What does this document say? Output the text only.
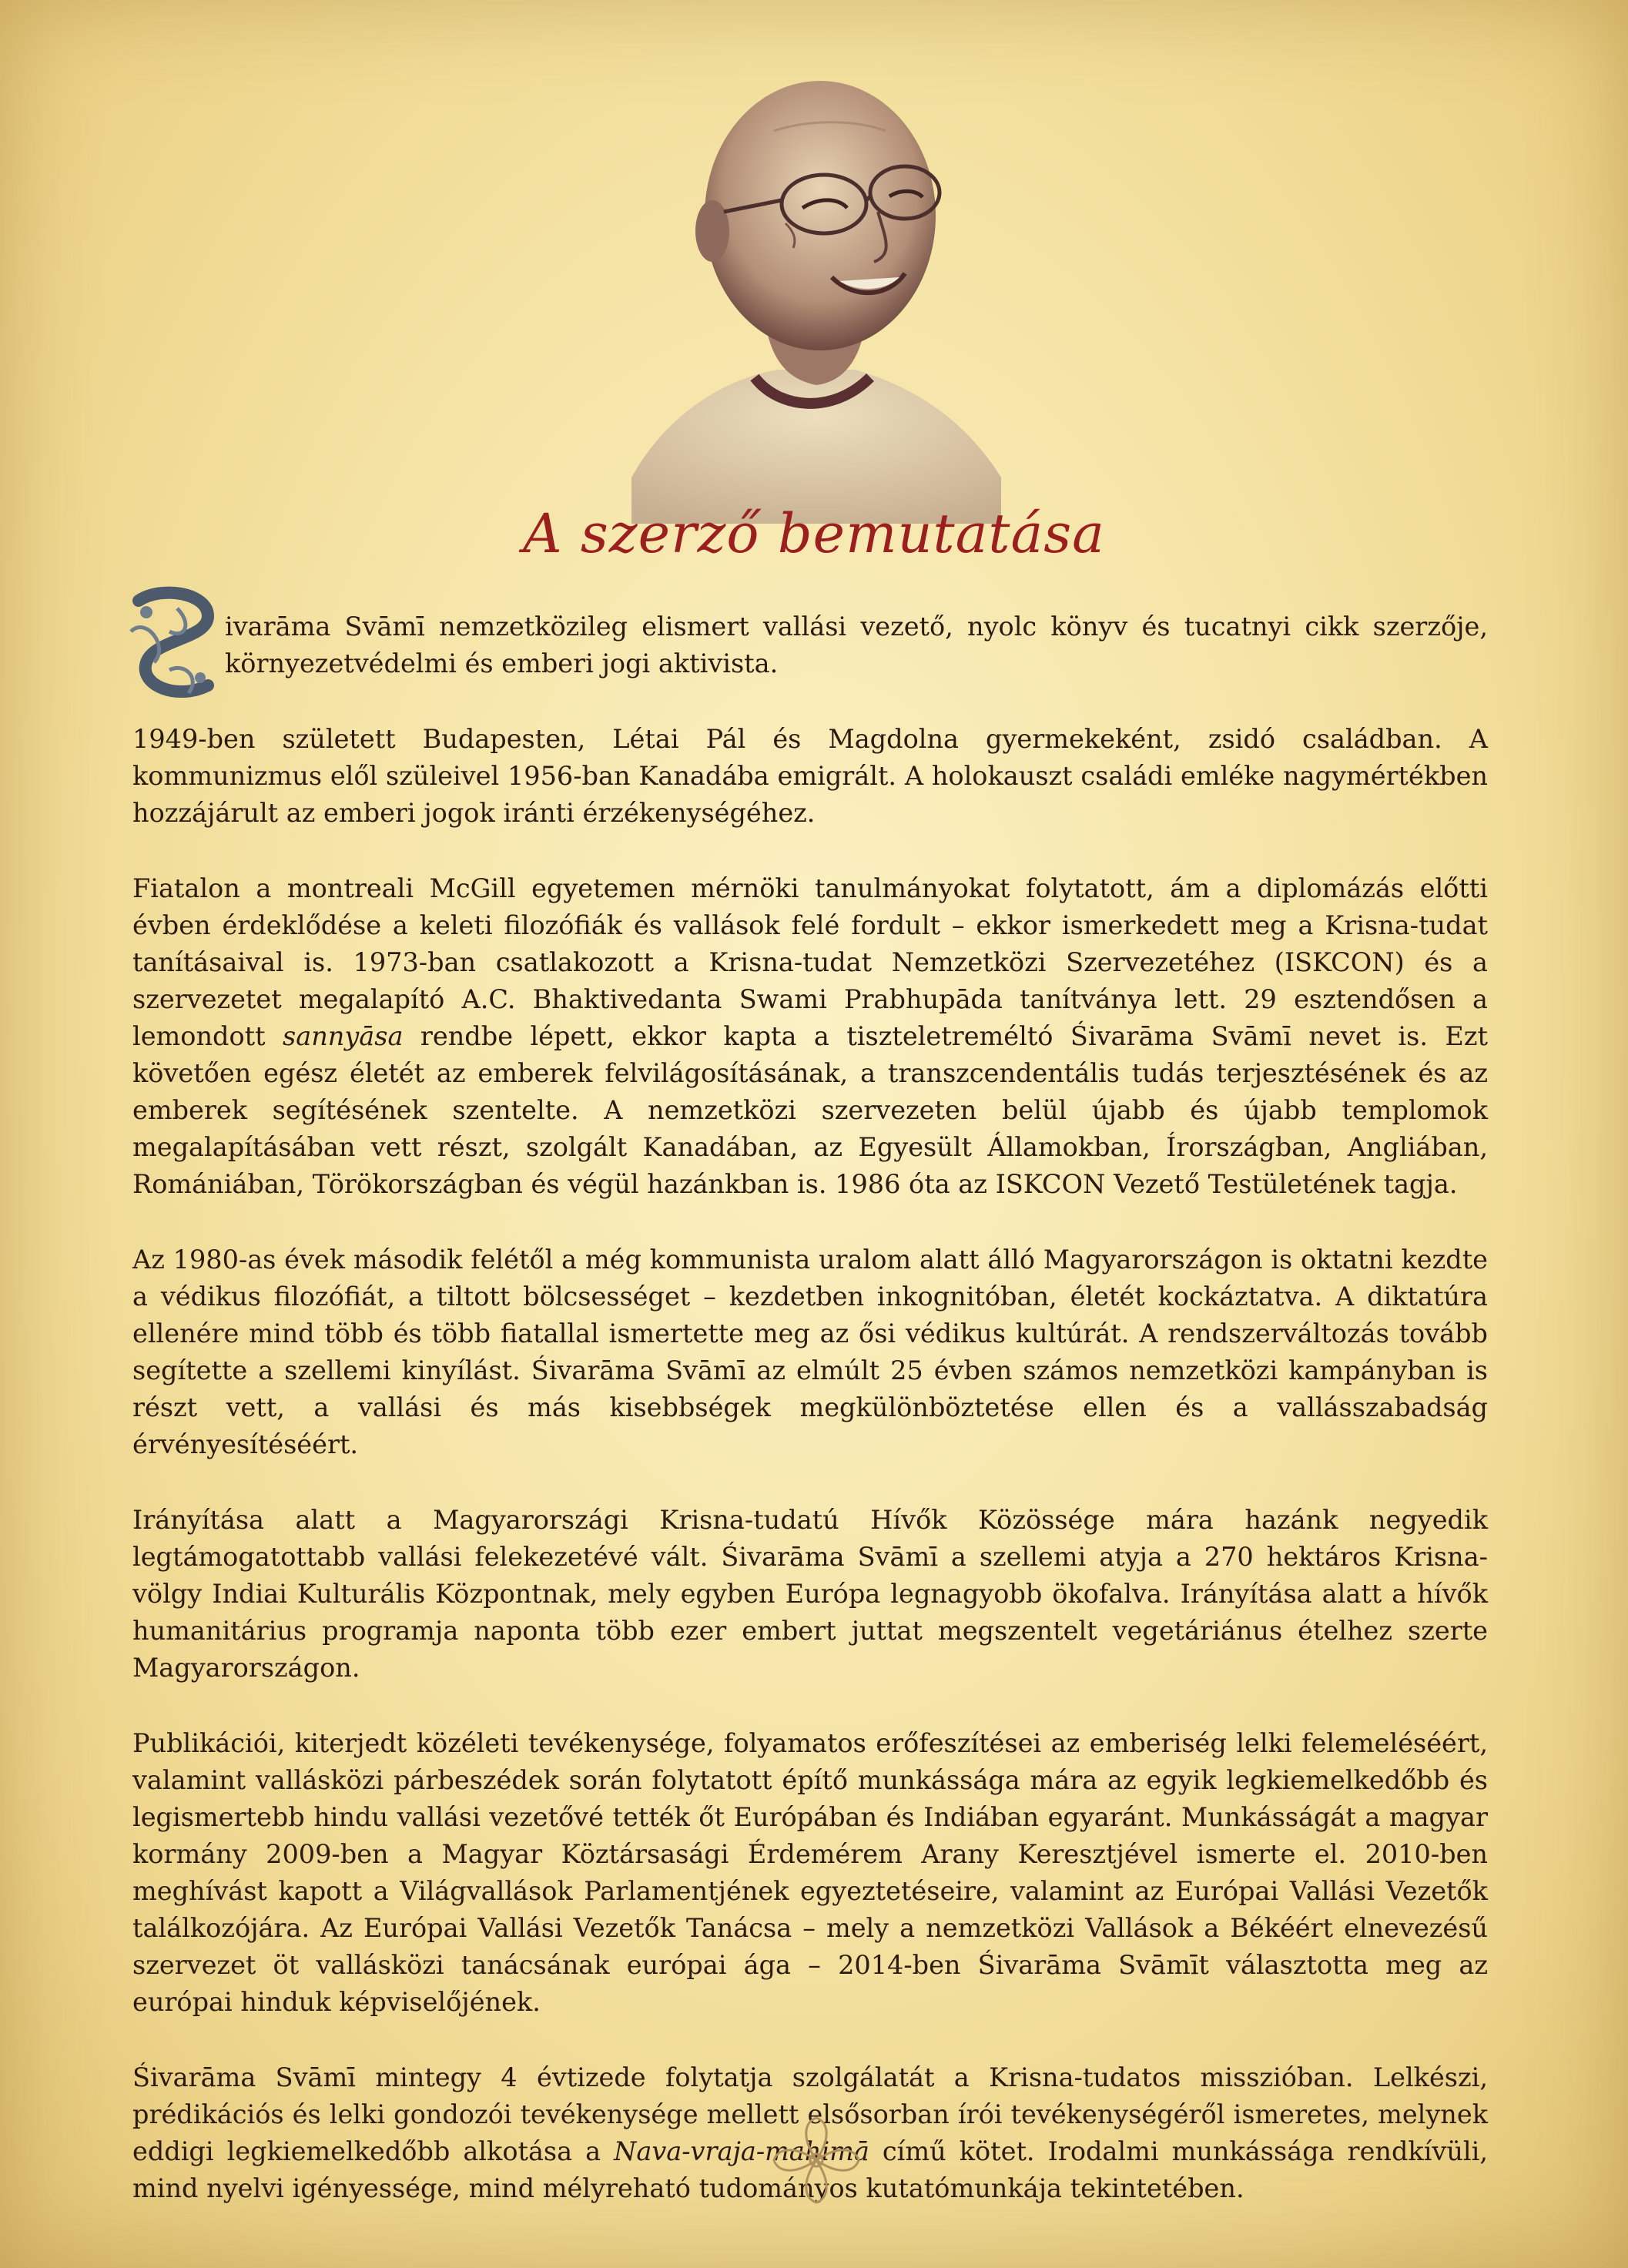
A szerző bemutatása

ivarāma Svāmī nemzetközileg elismert vallási vezető, nyolc könyv és tucatnyi cikk szerzője, környezetvédelmi és emberi jogi aktivista.

1949-ben született Budapesten, Létai Pál és Magdolna gyermekeként, zsidó családban. A kommunizmus elől szüleivel 1956-ban Kanadába emigrált. A holokauszt családi emléke nagymértékben hozzájárult az emberi jogok iránti érzékenységéhez.

Fiatalon a montreali McGill egyetemen mérnöki tanulmányokat folytatott, ám a diplomázás előtti évben érdeklődése a keleti filozófiák és vallások felé fordult – ekkor ismerkedett meg a Krisna-tudat tanításaival is. 1973-ban csatlakozott a Krisna-tudat Nemzetközi Szervezetéhez (ISKCON) és a szervezetet megalapító A.C. Bhaktivedanta Swami Prabhupāda tanítványa lett. 29 esztendősen a lemondott sannyāsa rendbe lépett, ekkor kapta a tiszteletreméltó Śivarāma Svāmī nevet is. Ezt követően egész életét az emberek felvilágosításának, a transzcendentális tudás terjesztésének és az emberek segítésének szentelte. A nemzetközi szervezeten belül újabb és újabb templomok megalapításában vett részt, szolgált Kanadában, az Egyesült Államokban, Írországban, Angliában, Romániában, Törökországban és végül hazánkban is. 1986 óta az ISKCON Vezető Testületének tagja.

Az 1980-as évek második felétől a még kommunista uralom alatt álló Magyarországon is oktatni kezdte a védikus filozófiát, a tiltott bölcsességet – kezdetben inkognitóban, életét kockáztatva. A diktatúra ellenére mind több és több fiatallal ismertette meg az ősi védikus kultúrát. A rendszerváltozás tovább segítette a szellemi kinyílást. Śivarāma Svāmī az elmúlt 25 évben számos nemzetközi kampányban is részt vett, a vallási és más kisebbségek megkülönböztetése ellen és a vallásszabadság érvényesítéséért.

Irányítása alatt a Magyarországi Krisna-tudatú Hívők Közössége mára hazánk negyedik legtámogatottabb vallási felekezetévé vált. Śivarāma Svāmī a szellemi atyja a 270 hektáros Krisna-völgy Indiai Kulturális Központnak, mely egyben Európa legnagyobb ökofalva. Irányítása alatt a hívők humanitárius programja naponta több ezer embert juttat megszentelt vegetáriánus ételhez szerte Magyarországon.

Publikációi, kiterjedt közéleti tevékenysége, folyamatos erőfeszítései az emberiség lelki felemeléséért, valamint vallásközi párbeszédek során folytatott építő munkássága mára az egyik legkiemelkedőbb és legismertebb hindu vallási vezetővé tették őt Európában és Indiában egyaránt. Munkásságát a magyar kormány 2009-ben a Magyar Köztársasági Érdemérem Arany Keresztjével ismerte el. 2010-ben meghívást kapott a Világvallások Parlamentjének egyeztetéseire, valamint az Európai Vallási Vezetők találkozójára. Az Európai Vallási Vezetők Tanácsa – mely a nemzetközi Vallások a Békéért elnevezésű szervezet öt vallásközi tanácsának európai ága – 2014-ben Śivarāma Svāmīt választotta meg az európai hinduk képviselőjének.

Śivarāma Svāmī mintegy 4 évtizede folytatja szolgálatát a Krisna-tudatos misszióban. Lelkészi, prédikációs és lelki gondozói tevékenysége mellett elsősorban írói tevékenységéről ismeretes, melynek eddigi legkiemelkedőbb alkotása a Nava-vraja-mahimā című kötet. Irodalmi munkássága rendkívüli, mind nyelvi igényessége, mind mélyreható tudományos kutatómunkája tekintetében.
